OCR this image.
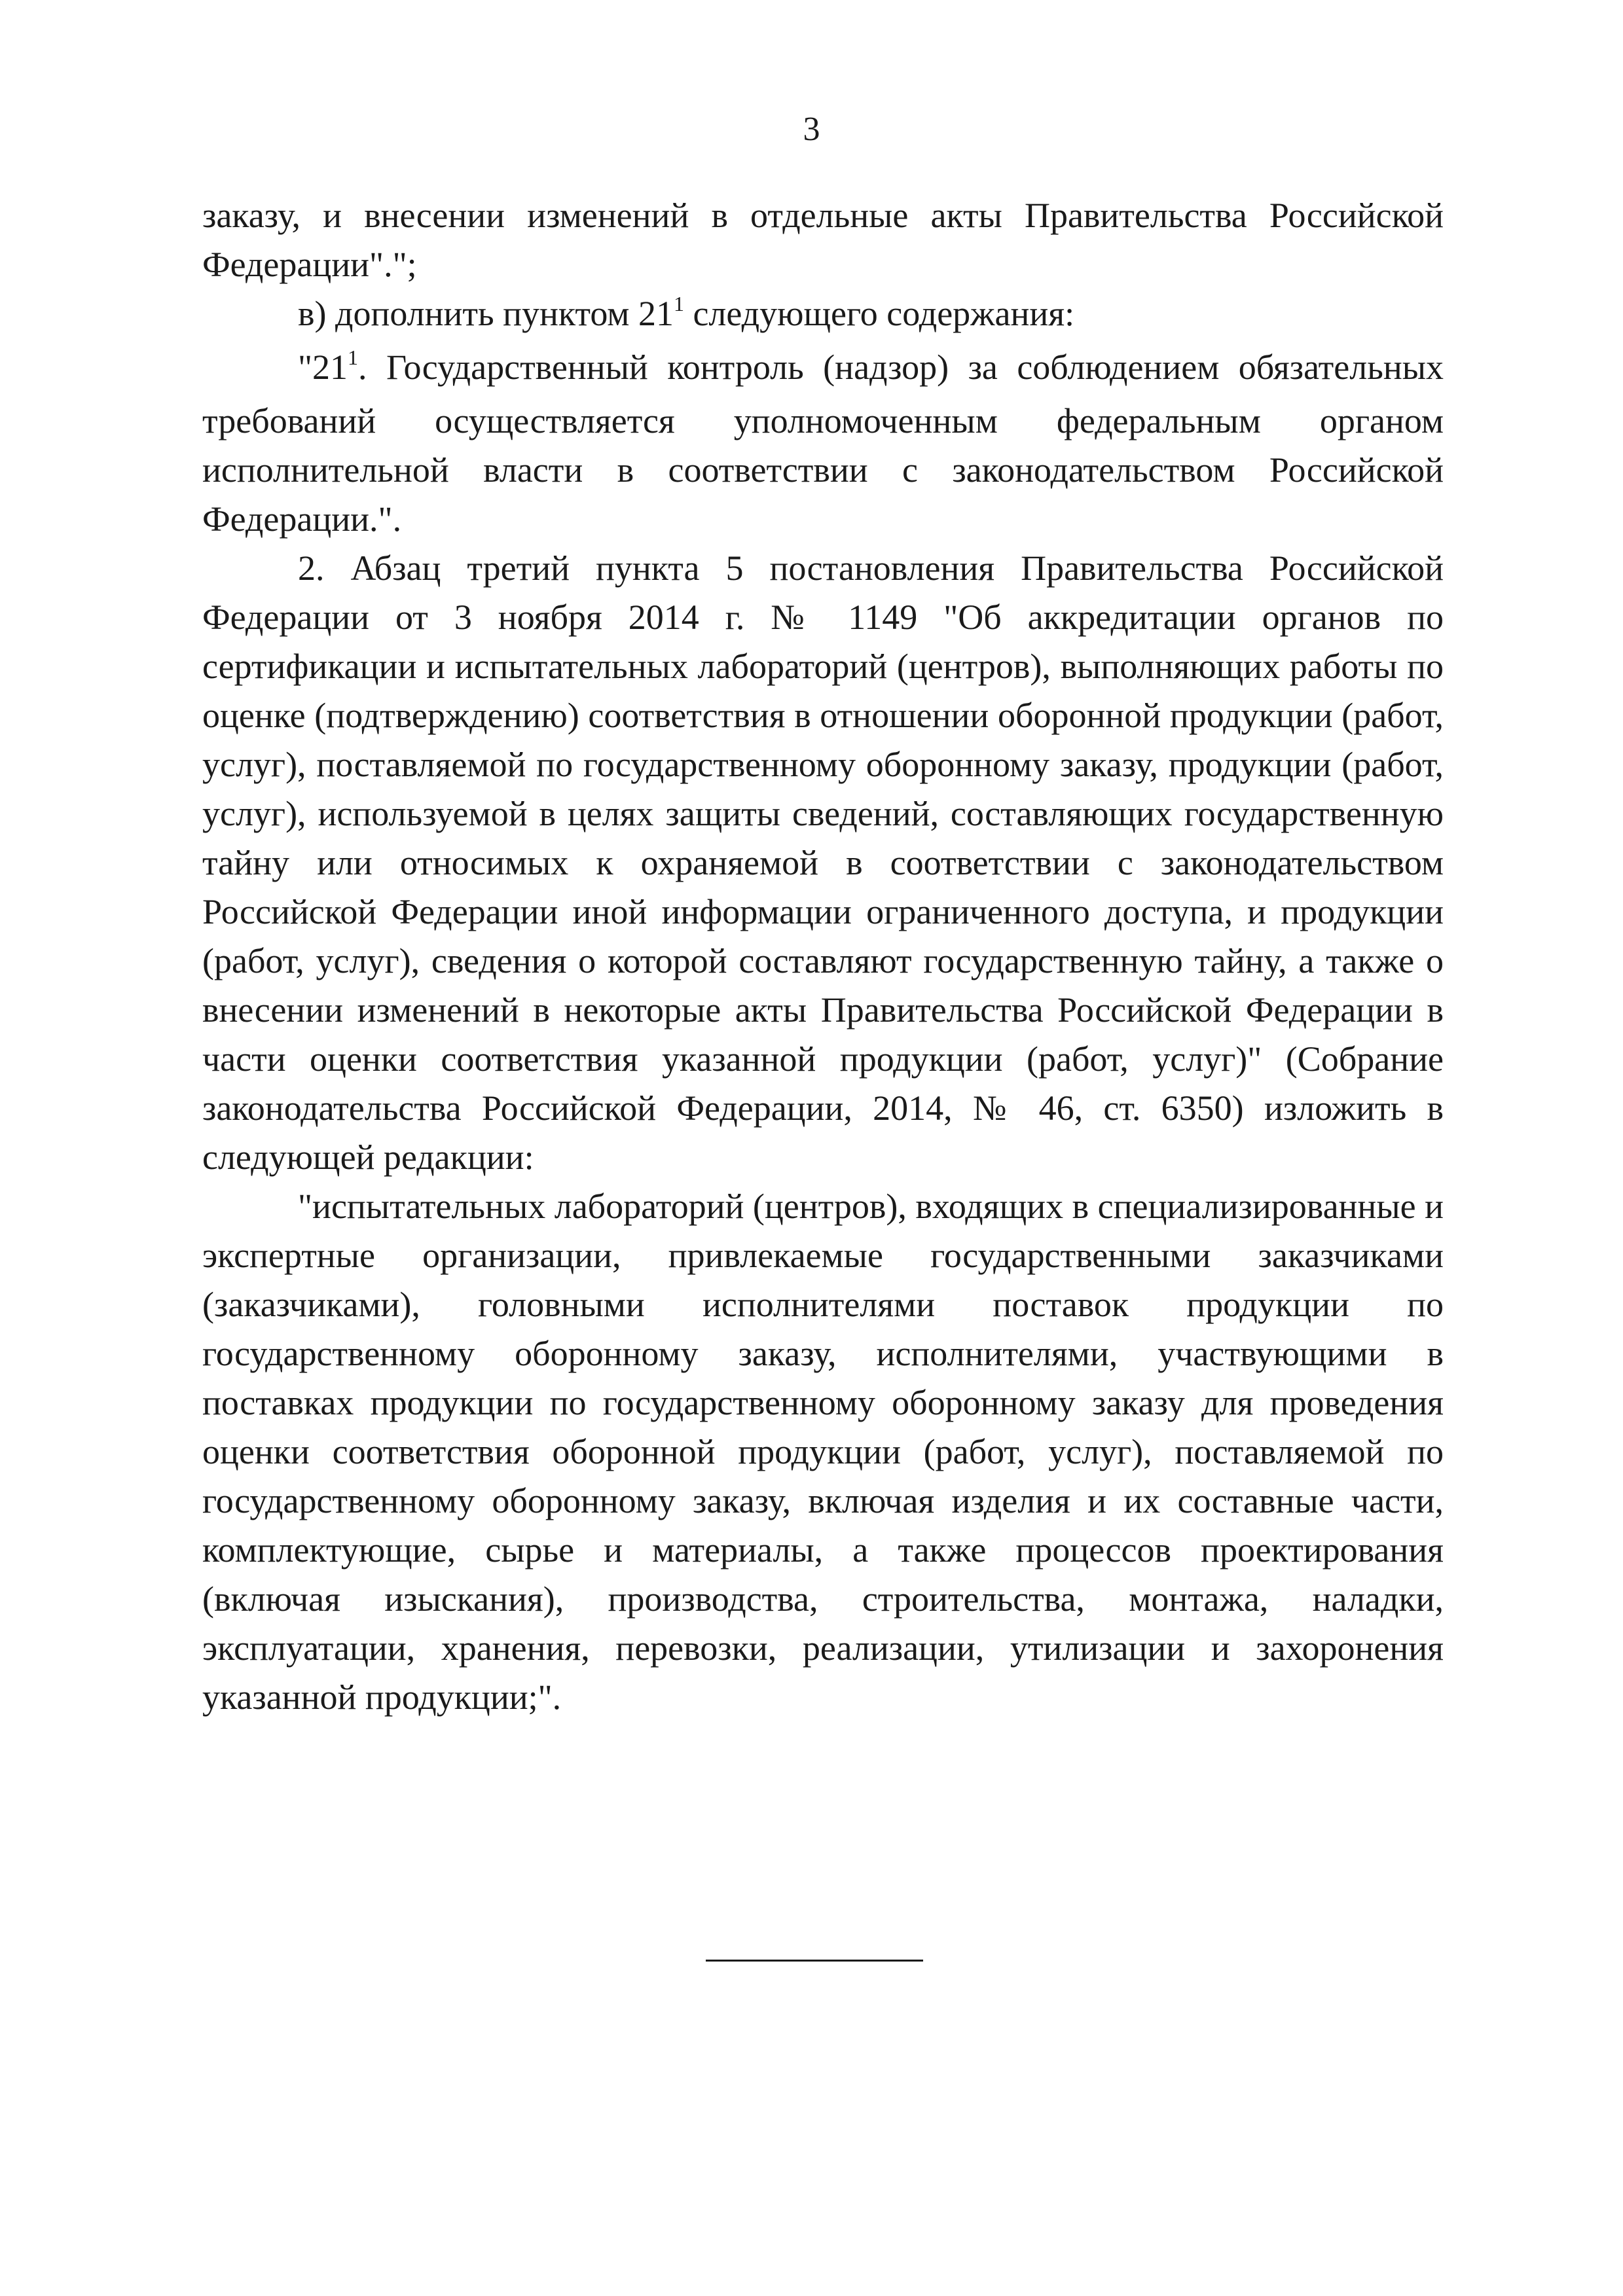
3

заказу, и внесении изменений в отдельные акты Правительства Российской Федерации".";

в) дополнить пунктом $21^1$ следующего содержания:

"$21^1$. Государственный контроль (надзор) за соблюдением обязательных требований осуществляется уполномоченным федеральным органом исполнительной власти в соответствии с законодательством Российской Федерации.".

2. Абзац третий пункта 5 постановления Правительства Российской Федерации от 3 ноября 2014 г. № 1149 "Об аккредитации органов по сертификации и испытательных лабораторий (центров), выполняющих работы по оценке (подтверждению) соответствия в отношении оборонной продукции (работ, услуг), поставляемой по государственному оборонному заказу, продукции (работ, услуг), используемой в целях защиты сведений, составляющих государственную тайну или относимых к охраняемой в соответствии с законодательством Российской Федерации иной информации ограниченного доступа, и продукции (работ, услуг), сведения о которой составляют государственную тайну, а также о внесении изменений в некоторые акты Правительства Российской Федерации в части оценки соответствия указанной продукции (работ, услуг)" (Собрание законодательства Российской Федерации, 2014, № 46, ст. 6350) изложить в следующей редакции:

"испытательных лабораторий (центров), входящих в специализированные и экспертные организации, привлекаемые государственными заказчиками (заказчиками), головными исполнителями поставок продукции по государственному оборонному заказу, исполнителями, участвующими в поставках продукции по государственному оборонному заказу для проведения оценки соответствия оборонной продукции (работ, услуг), поставляемой по государственному оборонному заказу, включая изделия и их составные части, комплектующие, сырье и материалы, а также процессов проектирования (включая изыскания), производства, строительства, монтажа, наладки, эксплуатации, хранения, перевозки, реализации, утилизации и захоронения указанной продукции;".
